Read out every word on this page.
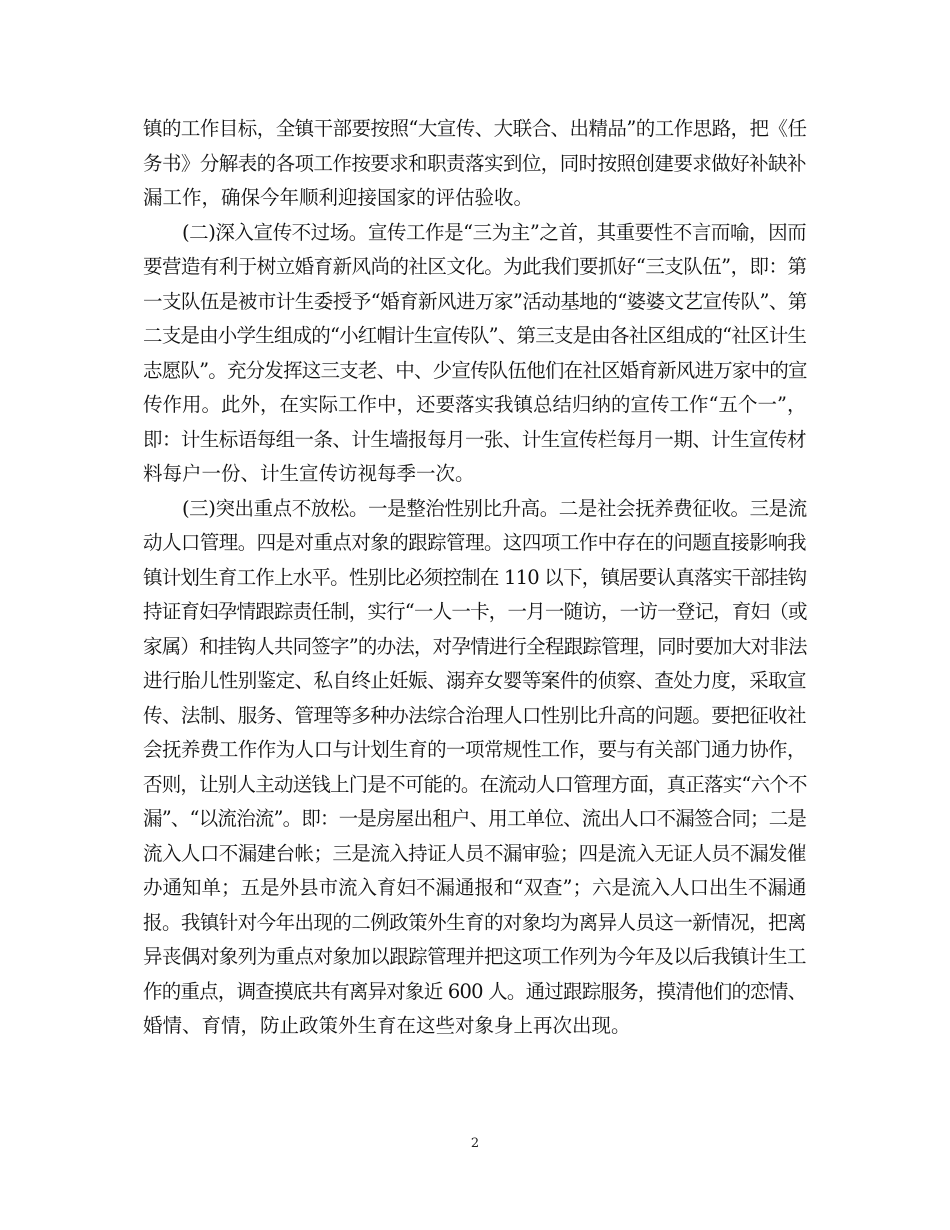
镇的工作目标，全镇干部要按照“大宣传、大联合、出精品”的工作思路，把《任
务书》分解表的各项工作按要求和职责落实到位，同时按照创建要求做好补缺补
漏工作，确保今年顺利迎接国家的评估验收。
(二)深入宣传不过场。宣传工作是“三为主”之首，其重要性不言而喻，因而
要营造有利于树立婚育新风尚的社区文化。为此我们要抓好“三支队伍”，即：第
一支队伍是被市计生委授予“婚育新风进万家”活动基地的“婆婆文艺宣传队”、第
二支是由小学生组成的“小红帽计生宣传队”、第三支是由各社区组成的“社区计生
志愿队”。充分发挥这三支老、中、少宣传队伍他们在社区婚育新风进万家中的宣
传作用。此外，在实际工作中，还要落实我镇总结归纳的宣传工作“五个一”，
即：计生标语每组一条、计生墙报每月一张、计生宣传栏每月一期、计生宣传材
料每户一份、计生宣传访视每季一次。
(三)突出重点不放松。一是整治性别比升高。二是社会抚养费征收。三是流
动人口管理。四是对重点对象的跟踪管理。这四项工作中存在的问题直接影响我
镇计划生育工作上水平。性别比必须控制在 110 以下，镇居要认真落实干部挂钩
持证育妇孕情跟踪责任制，实行“一人一卡，一月一随访，一访一登记，育妇（或
家属）和挂钩人共同签字”的办法，对孕情进行全程跟踪管理，同时要加大对非法
进行胎儿性别鉴定、私自终止妊娠、溺弃女婴等案件的侦察、查处力度，采取宣
传、法制、服务、管理等多种办法综合治理人口性别比升高的问题。要把征收社
会抚养费工作作为人口与计划生育的一项常规性工作，要与有关部门通力协作，
否则，让别人主动送钱上门是不可能的。在流动人口管理方面，真正落实“六个不
漏”、“以流治流”。即：一是房屋出租户、用工单位、流出人口不漏签合同；二是
流入人口不漏建台帐；三是流入持证人员不漏审验；四是流入无证人员不漏发催
办通知单；五是外县市流入育妇不漏通报和“双查”；六是流入人口出生不漏通
报。我镇针对今年出现的二例政策外生育的对象均为离异人员这一新情况，把离
异丧偶对象列为重点对象加以跟踪管理并把这项工作列为今年及以后我镇计生工
作的重点，调查摸底共有离异对象近 600 人。通过跟踪服务，摸清他们的恋情、
婚情、育情，防止政策外生育在这些对象身上再次出现。
2
